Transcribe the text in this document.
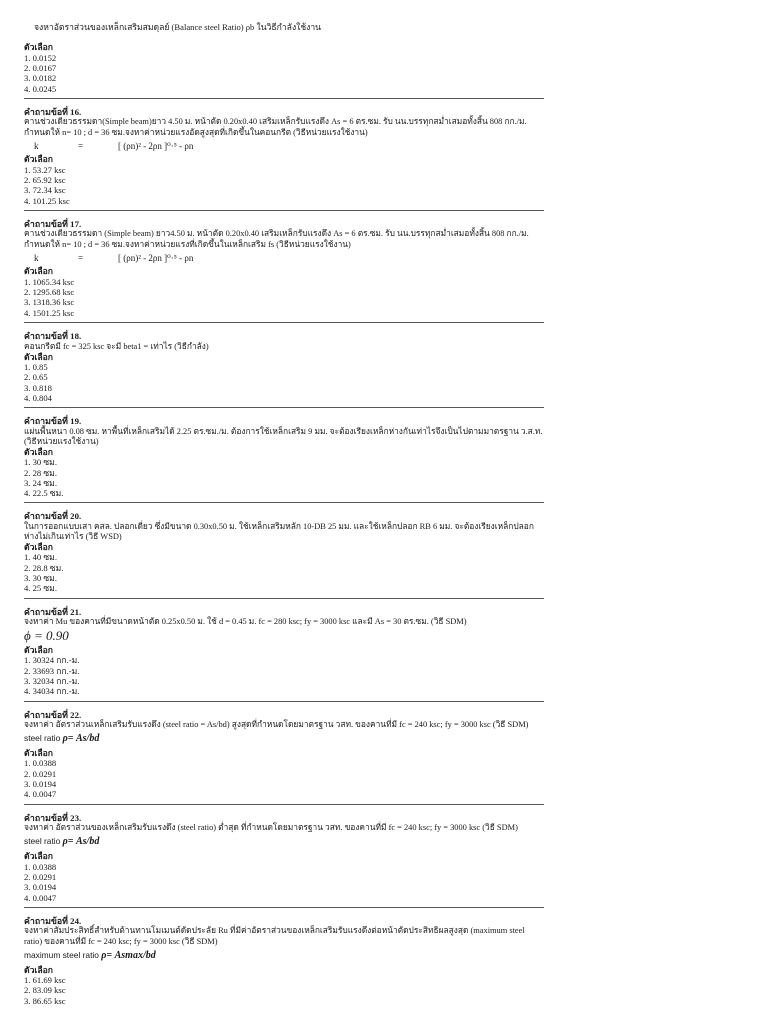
จงหาอัตราส่วนของเหล็กเสริมสมดุลย์ (Balance steel Ratio) ρb ในวิธีกำลังใช้งาน
ตัวเลือก
1. 0.0152
2. 0.0167
3. 0.0182
4. 0.0245
คำถามข้อที่ 16.
คานช่วงเดียวธรรมดา(Simple beam)ยาว 4.50 ม. หน้าตัด 0.20x0.40 เสริมเหล็กรับแรงดึง As = 6 ตร.ซม. รับ นน.บรรทุกสม่ำเสมอทั้งสิ้น 808 กก./ม. กำหนดให้ n= 10 ; d = 36 ซม.จงหาค่าหน่วยแรงอัดสูงสุดที่เกิดขึ้นในคอนกรีต (วิธีหน่วยแรงใช้งาน)
k	=	[ (ρn)² - 2ρn ]⁰·⁵ - ρn
ตัวเลือก
1. 53.27 ksc
2. 65.92 ksc
3. 72.34 ksc
4. 101.25 ksc
คำถามข้อที่ 17.
คานช่วงเดียวธรรมดา (Simple beam) ยาว4.50 ม. หน้าตัด 0.20x0.40 เสริมเหล็กรับแรงดึง As = 6 ตร.ซม. รับ นน.บรรทุกสม่ำเสมอทั้งสิ้น 808 กก./ม. กำหนดให้ n= 10 ; d = 36 ซม.จงหาค่าหน่วยแรงที่เกิดขึ้นในเหล็กเสริม fs (วิธีหน่วยแรงใช้งาน)
k	=	[ (ρn)² - 2ρn ]⁰·⁵ - ρn
ตัวเลือก
1. 1065.34 ksc
2. 1295.68 ksc
3. 1318.36 ksc
4. 1501.25 ksc
คำถามข้อที่ 18.
คอนกรีตมี fc = 325 ksc จะมี beta1 = เท่าไร (วิธีกำลัง)
ตัวเลือก
1. 0.85
2. 0.65
3. 0.818
4. 0.804
คำถามข้อที่ 19.
แผ่นพื้นหนา 0.08 ซม. หาพื้นที่เหล็กเสริมได้ 2.25 ตร.ซม./ม. ต้องการใช้เหล็กเสริม 9 มม. จะต้องเรียงเหล็กห่างกันเท่าไรจึงเป็นไปตามมาตรฐาน ว.ส.ท.(วิธีหน่วยแรงใช้งาน)
ตัวเลือก
1. 30 ซม.
2. 28 ซม.
3. 24 ซม.
4. 22.5 ซม.
คำถามข้อที่ 20.
ในการออกแบบเสา คสล. ปลอกเดี่ยว ซึ่งมีขนาด 0.30x0.50 ม. ใช้เหล็กเสริมหลัก 10-DB 25 มม. และใช้เหล็กปลอก RB 6 มม. จะต้องเรียงเหล็กปลอกห่างไม่เกินเท่าไร (วิธี WSD)
ตัวเลือก
1. 40 ซม.
2. 28.8 ซม.
3. 30 ซม.
4. 25 ซม.
คำถามข้อที่ 21.
จงหาค่า Mu ของคานที่มีขนาดหน้าตัด 0.25x0.50 ม. ใช้ d = 0.45 ม. fc = 280 ksc; fy = 3000 ksc และมี As = 30 ตร.ซม. (วิธี SDM)
ϕ = 0.90
ตัวเลือก
1. 30324 กก.-ม.
2. 33693 กก.-ม.
3. 32034 กก.-ม.
4. 34034 กก.-ม.
คำถามข้อที่ 22.
จงหาค่า อัตราส่วนเหล็กเสริมรับแรงดึง (steel ratio = As/bd) สูงสุดที่กำหนดโดยมาตรฐาน วสท. ของคานที่มี fc = 240 ksc; fy = 3000 ksc (วิธี SDM)
steel ratio ρ= As/bd
ตัวเลือก
1. 0.0388
2. 0.0291
3. 0.0194
4. 0.0047
คำถามข้อที่ 23.
จงหาค่า อัตราส่วนของเหล็กเสริมรับแรงดึง (steel ratio) ต่ำสุด ที่กำหนดโดยมาตรฐาน วสท. ของคานที่มี fc = 240 ksc; fy = 3000 ksc (วิธี SDM)
steel ratio ρ= As/bd
ตัวเลือก
1. 0.0388
2. 0.0291
3. 0.0194
4. 0.0047
คำถามข้อที่ 24.
จงหาค่าสัมประสิทธิ์สำหรับต้านทานโมเมนต์ดัดประลัย Ru ที่มีค่าอัตราส่วนของเหล็กเสริมรับแรงดึงต่อหน้าตัดประสิทธิผลสูงสุด (maximum steel ratio) ของคานที่มี fc = 240 ksc; fy = 3000 ksc (วิธี SDM)
maximum steel ratio ρ= Asmax/bd
ตัวเลือก
1. 61.69 ksc
2. 83.09 ksc
3. 86.65 ksc
